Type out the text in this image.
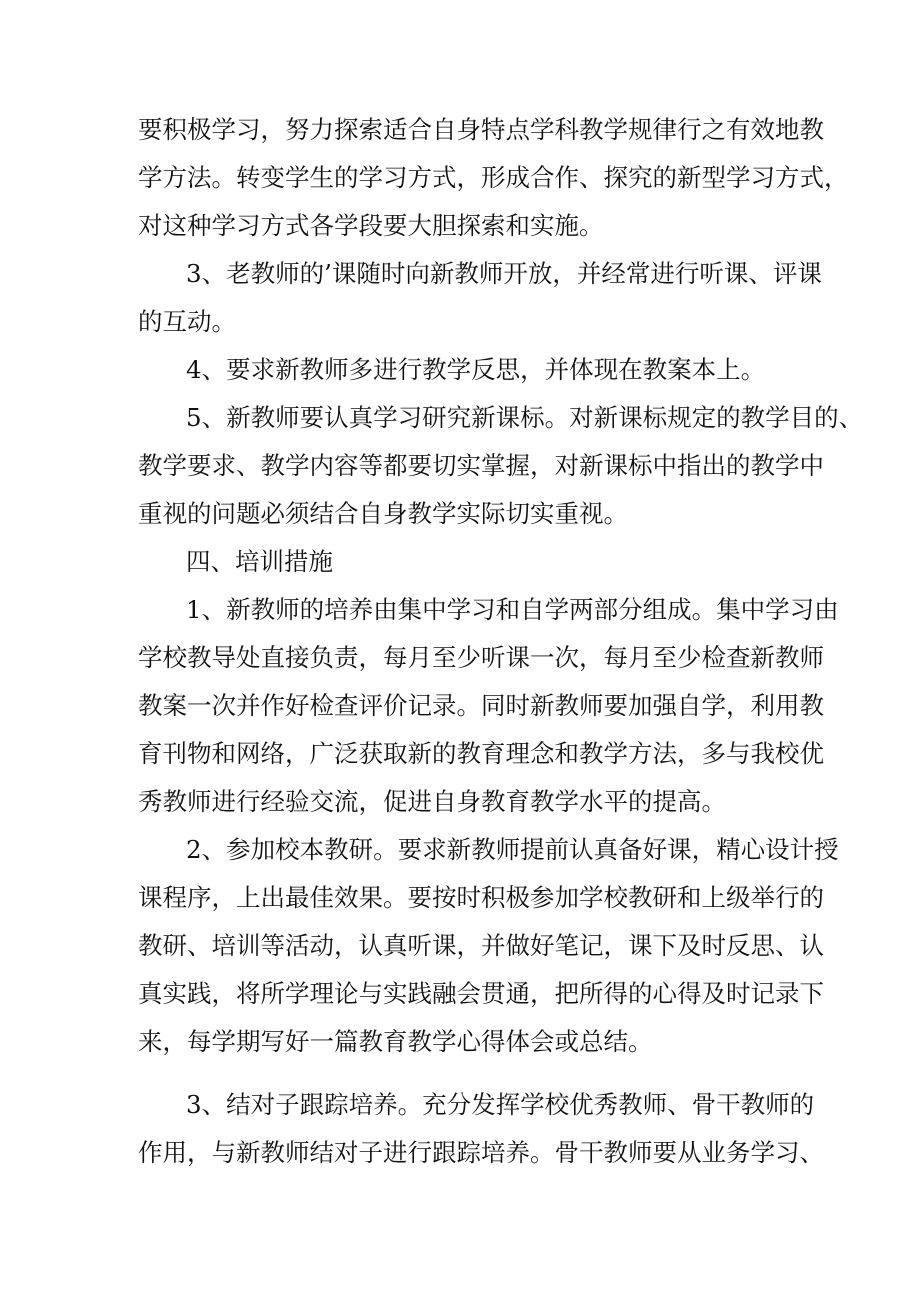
要积极学习，努力探索适合自身特点学科教学规律行之有效地教
学方法。转变学生的学习方式，形成合作、探究的新型学习方式，
对这种学习方式各学段要大胆探索和实施。
3、老教师的’课随时向新教师开放，并经常进行听课、评课
的互动。
4、要求新教师多进行教学反思，并体现在教案本上。
5、新教师要认真学习研究新课标。对新课标规定的教学目的、
教学要求、教学内容等都要切实掌握，对新课标中指出的教学中
重视的问题必须结合自身教学实际切实重视。
四、培训措施
1、新教师的培养由集中学习和自学两部分组成。集中学习由
学校教导处直接负责，每月至少听课一次，每月至少检查新教师
教案一次并作好检查评价记录。同时新教师要加强自学，利用教
育刊物和网络，广泛获取新的教育理念和教学方法，多与我校优
秀教师进行经验交流，促进自身教育教学水平的提高。
2、参加校本教研。要求新教师提前认真备好课，精心设计授
课程序，上出最佳效果。要按时积极参加学校教研和上级举行的
教研、培训等活动，认真听课，并做好笔记，课下及时反思、认
真实践，将所学理论与实践融会贯通，把所得的心得及时记录下
来，每学期写好一篇教育教学心得体会或总结。
3、结对子跟踪培养。充分发挥学校优秀教师、骨干教师的
作用，与新教师结对子进行跟踪培养。骨干教师要从业务学习、
